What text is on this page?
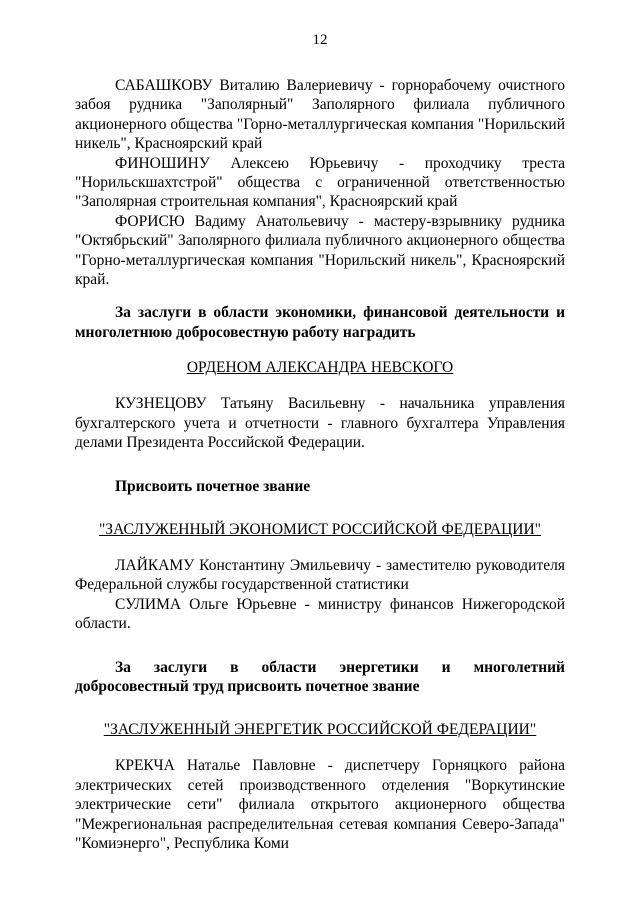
12

САБАШКОВУ Виталию Валериевичу - горнорабочему очистного забоя рудника "Заполярный" Заполярного филиала публичного акционерного общества "Горно-металлургическая компания "Норильский никель", Красноярский край

ФИНОШИНУ Алексею Юрьевичу - проходчику треста "Норильскшахтстрой" общества с ограниченной ответственностью "Заполярная строительная компания", Красноярский край

ФОРИСЮ Вадиму Анатольевичу - мастеру-взрывнику рудника "Октябрьский" Заполярного филиала публичного акционерного общества "Горно-металлургическая компания "Норильский никель", Красноярский край.

За заслуги в области экономики, финансовой деятельности и многолетнюю добросовестную работу наградить

ОРДЕНОМ АЛЕКСАНДРА НЕВСКОГО

КУЗНЕЦОВУ Татьяну Васильевну - начальника управления бухгалтерского учета и отчетности - главного бухгалтера Управления делами Президента Российской Федерации.

Присвоить почетное звание

"ЗАСЛУЖЕННЫЙ ЭКОНОМИСТ РОССИЙСКОЙ ФЕДЕРАЦИИ"

ЛАЙКАМУ Константину Эмильевичу - заместителю руководителя Федеральной службы государственной статистики

СУЛИМА Ольге Юрьевне - министру финансов Нижегородской области.

За заслуги в области энергетики и многолетний добросовестный труд присвоить почетное звание

"ЗАСЛУЖЕННЫЙ ЭНЕРГЕТИК РОССИЙСКОЙ ФЕДЕРАЦИИ"

КРЕКЧА Наталье Павловне - диспетчеру Горняцкого района электрических сетей производственного отделения "Воркутинские электрические сети" филиала открытого акционерного общества "Межрегиональная распределительная сетевая компания Северо-Запада" "Комиэнерго", Республика Коми
